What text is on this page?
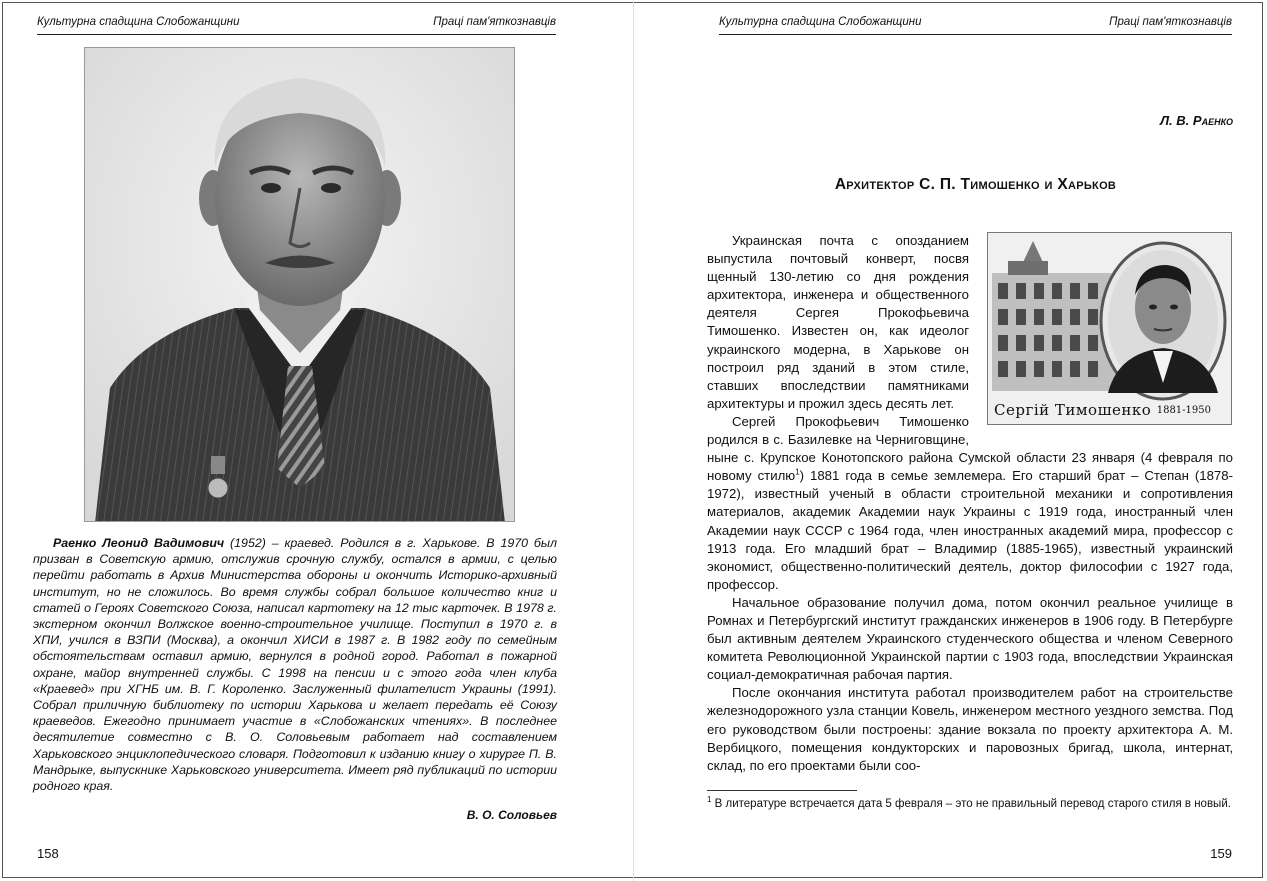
Культурна спадщина Слобожанщини	Праці пам'яткознавців
Раенко Леонид Вадимович (1952) – краевед. Родился в г. Харькове. В 1970 был призван в Советскую армию, отслужив срочную службу, остался в армии, с целью перейти работать в Архив Министерства обороны и окончить Историко-архивный институт, но не сложилось. Во время службы собрал большое количество книг и статей о Героях Советского Союза, написал картотеку на 12 тыс карточек. В 1978 г. экстерном окончил Волжское военно-строительное училище. Поступил в 1970 г. в ХПИ, учился в ВЗПИ (Москва), а окончил ХИСИ в 1987 г. В 1982 году по семейным обстоятельствам оставил армию, вернулся в родной город. Работал в пожарной охране, майор внутренней службы. С 1998 на пенсии и с этого года член клуба «Краевед» при ХГНБ им. В. Г. Короленко. Заслуженный филателист Украины (1991). Собрал приличную библиотеку по истории Харькова и желает передать её Союзу краеведов. Ежегодно принимает участие в «Слобожанских чтениях». В последнее десятилетие совместно с В. О. Соловьевым работает над составлением Харьковского энциклопедического словаря. Подготовил к изданию книгу о хирурге П. В. Мандрыке, выпускнике Харьковского университета. Имеет ряд публикаций по истории родного края.
В. О. Соловьев
158
Культурна спадщина Слобожанщини	Праці пам'яткознавців
Л. В. Раенко
Архитектор С. П. Тимошенко и Харьков

Украинская почта с опозданием выпустила почтовый конверт, посвя щенный 130-летию со дня рождения архитектора, инженера и общественного деятеля Сергея Прокофьевича Тимошенко. Известен он, как идеолог украинского модерна, в Харькове он построил ряд зданий в этом стиле, ставших впоследствии памятниками архитектуры и прожил здесь десять лет.

Сергей Прокофьевич Тимошенко родился в с. Базилевке на Черниговщине, ныне с. Крупское Конотопского района Сумской области 23 января (4 февраля по новому стилю$^1$) 1881 года в семье землемера. Его старший брат – Степан (1878-1972), известный ученый в области строительной механики и сопротивления материалов, академик Академии наук Украины с 1919 года, иностранный член Академии наук СССР с 1964 года, член иностранных академий мира, профессор с 1913 года. Его младший брат – Владимир (1885-1965), известный украинский экономист, общественно-политический деятель, доктор философии с 1927 года, профессор.

Начальное образование получил дома, потом окончил реальное училище в Ромнах и Петербургский институт гражданских инженеров в 1906 году. В Петербурге был активным деятелем Украинского студенческого общества и членом Северного комитета Революционной Украинской партии с 1903 года, впоследствии Украинская социал-демократичная рабочая партия.

После окончания института работал производителем работ на строительстве железнодорожного узла станции Ковель, инженером местного уездного земства. Под его руководством были построены: здание вокзала по проекту архитектора А. М. Вербицкого, помещения кондукторских и паровозных бригад, школа, интернат, склад, по его проектами были соо-

Сергій Тимошенко 1881-1950
$^1$ В литературе встречается дата 5 февраля – это не правильный перевод старого стиля в новый.
159
